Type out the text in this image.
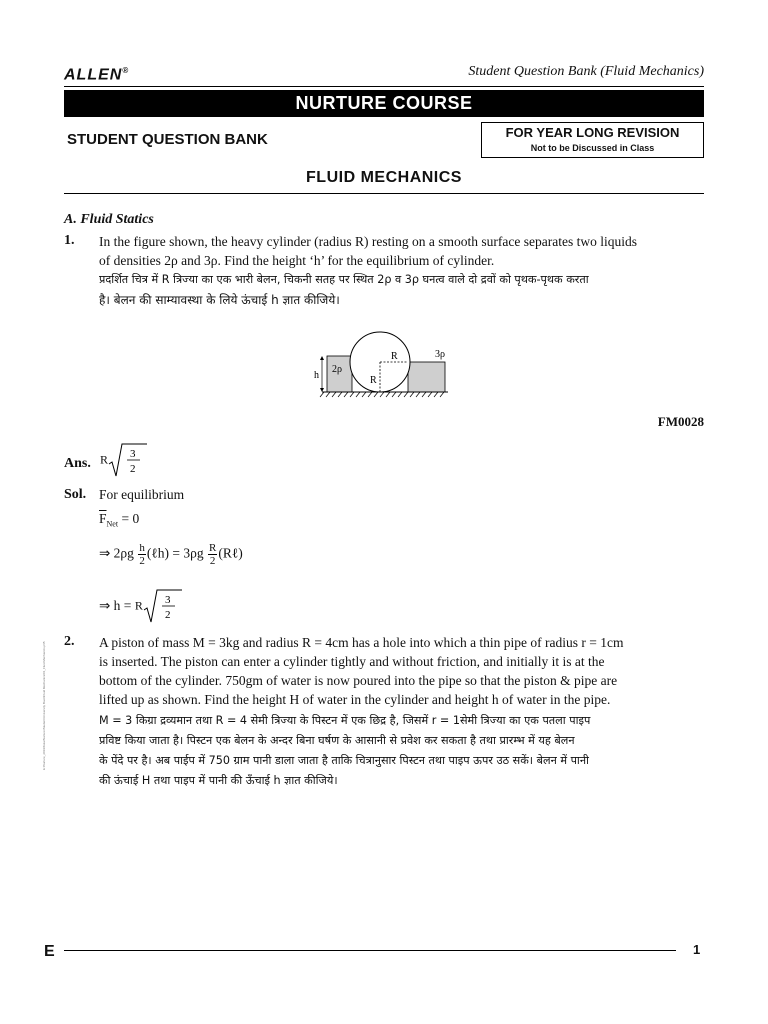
ALLEN®	Student Question Bank (Fluid Mechanics)
NURTURE COURSE
STUDENT QUESTION BANK	FOR YEAR LONG REVISION
Not to be Discussed in Class
FLUID MECHANICS
A. Fluid Statics
1. In the figure shown, the heavy cylinder (radius R) resting on a smooth surface separates two liquids
of densities 2ρ and 3ρ. Find the height ‘h’ for the equilibrium of cylinder.
प्रदर्शित चित्र में R त्रिज्या का एक भारी बेलन, चिकनी सतह पर स्थित 2ρ व 3ρ घनत्व वाले दो द्रवों को पृथक-पृथक करता
है। बेलन की साम्यावस्था के लिये ऊंचाई h ज्ञात कीजिये।
h
2ρ
3ρ
R
R
FM0028
Ans. R 3
2
Sol. For equilibrium
$\overline{F}_{Net} = 0$
⇒ $2\rho g \frac{h}{2}$ (ℓh) = $3\rho g \frac{R}{2}$ (Rℓ)
⇒ h = R 3
2
2. A piston of mass M = 3kg and radius R = 4cm has a hole into which a thin pipe of radius r = 1cm
is inserted. The piston can enter a cylinder tightly and without friction, and initially it is at the
bottom of the cylinder. 750gm of water is now poured into the pipe so that the piston & pipe are
lifted up as shown. Find the height H of water in the cylinder and height h of water in the pipe.
M = 3 किग्रा द्रव्यमान तथा R = 4 सेमी त्रिज्या के पिस्टन में एक छिद्र है, जिसमें r = 1सेमी त्रिज्या का एक पतला पाइप
प्रविष्ट किया जाता है। पिस्टन एक बेलन के अन्दर बिना घर्षण के आसानी से प्रवेश कर सकता है तथा प्रारम्भ में यह बेलन
के पेंदे पर है। अब पाईप में 750 ग्राम पानी डाला जाता है ताकि चित्रानुसार पिस्टन तथा पाइप ऊपर उठ सकें। बेलन में पानी
की ऊंचाई H तथा पाइप में पानी की ऊँचाई h ज्ञात कीजिये।
E:\Nurture_2019\Kota\Nurture\Student\University Book\Fluid Mechanics\01_Fluid Mechanics.p65
E	1
